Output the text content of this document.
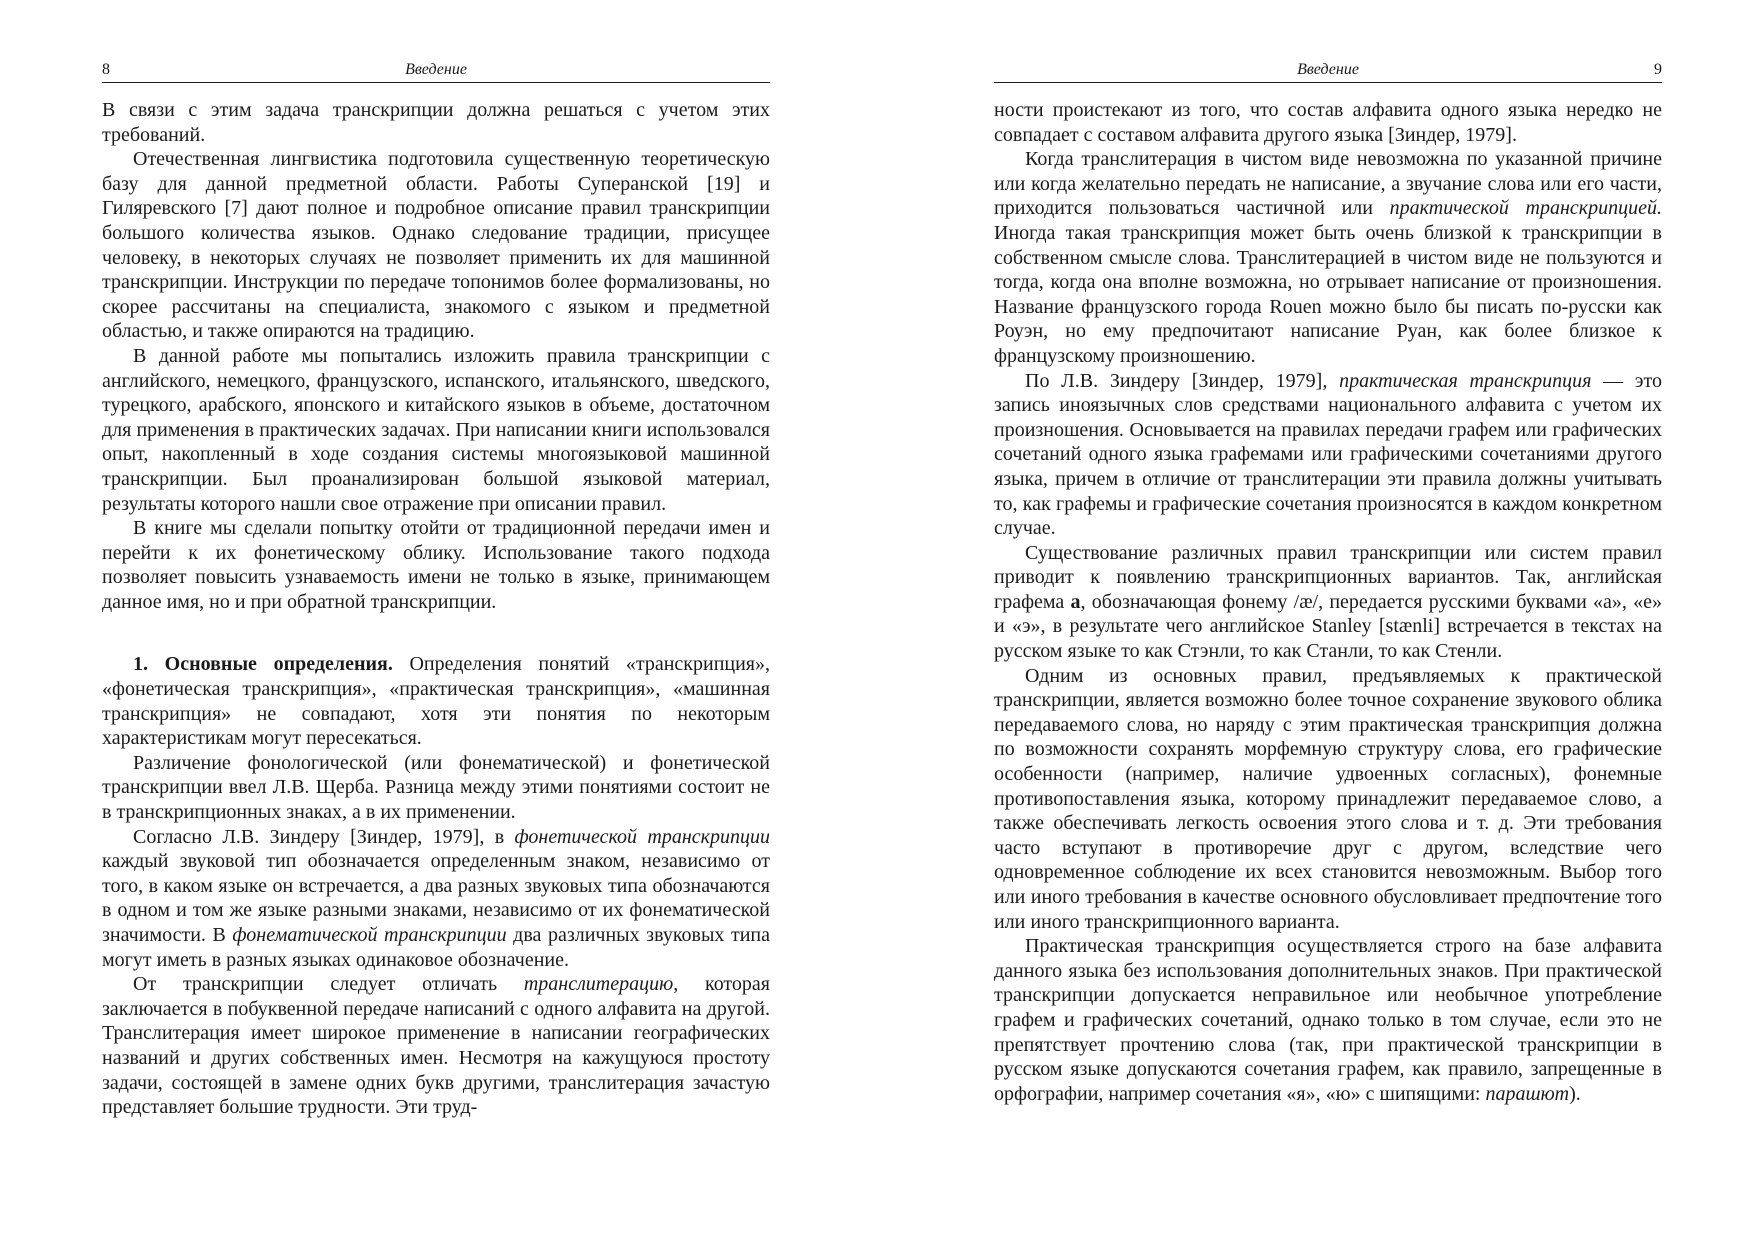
8	Введение

В связи с этим задача транскрипции должна решаться с учетом этих требований.

Отечественная лингвистика подготовила существенную теоретическую базу для данной предметной области. Работы Суперанской [19] и Гиляревского [7] дают полное и подробное описание правил транскрипции большого количества языков. Однако следование традиции, присущее человеку, в некоторых случаях не позволяет применить их для машинной транскрипции. Инструкции по передаче топонимов более формализованы, но скорее рассчитаны на специалиста, знакомого с языком и предметной областью, и также опираются на традицию.

В данной работе мы попытались изложить правила транскрипции с английского, немецкого, французского, испанского, итальянского, шведского, турецкого, арабского, японского и китайского языков в объеме, достаточном для применения в практических задачах. При написании книги использовался опыт, накопленный в ходе создания системы многоязыковой машинной транскрипции. Был проанализирован большой языковой материал, результаты которого нашли свое отражение при описании правил.

В книге мы сделали попытку отойти от традиционной передачи имен и перейти к их фонетическому облику. Использование такого подхода позволяет повысить узнаваемость имени не только в языке, принимающем данное имя, но и при обратной транскрипции.

1. Основные определения. Определения понятий «транскрипция», «фонетическая транскрипция», «практическая транскрипция», «машинная транскрипция» не совпадают, хотя эти понятия по некоторым характеристикам могут пересекаться.

Различение фонологической (или фонематической) и фонетической транскрипции ввел Л.В. Щерба. Разница между этими понятиями состоит не в транскрипционных знаках, а в их применении.

Согласно Л.В. Зиндеру [Зиндер, 1979], в фонетической транскрипции каждый звуковой тип обозначается определенным знаком, независимо от того, в каком языке он встречается, а два разных звуковых типа обозначаются в одном и том же языке разными знаками, независимо от их фонематической значимости. В фонематической транскрипции два различных звуковых типа могут иметь в разных языках одинаковое обозначение.

От транскрипции следует отличать транслитерацию, которая заключается в побуквенной передаче написаний с одного алфавита на другой. Транслитерация имеет широкое применение в написании географических названий и других собственных имен. Несмотря на кажущуюся простоту задачи, состоящей в замене одних букв другими, транслитерация зачастую представляет большие трудности. Эти труд-

Введение	9

ности проистекают из того, что состав алфавита одного языка нередко не совпадает с составом алфавита другого языка [Зиндер, 1979].

Когда транслитерация в чистом виде невозможна по указанной причине или когда желательно передать не написание, а звучание слова или его части, приходится пользоваться частичной или практической транскрипцией. Иногда такая транскрипция может быть очень близкой к транскрипции в собственном смысле слова. Транслитерацией в чистом виде не пользуются и тогда, когда она вполне возможна, но отрывает написание от произношения. Название французского города Rouen можно было бы писать по-русски как Роуэн, но ему предпочитают написание Руан, как более близкое к французскому произношению.

По Л.В. Зиндеру [Зиндер, 1979], практическая транскрипция — это запись иноязычных слов средствами национального алфавита с учетом их произношения. Основывается на правилах передачи графем или графических сочетаний одного языка графемами или графическими сочетаниями другого языка, причем в отличие от транслитерации эти правила должны учитывать то, как графемы и графические сочетания произносятся в каждом конкретном случае.

Существование различных правил транскрипции или систем правил приводит к появлению транскрипционных вариантов. Так, английская графема a, обозначающая фонему /æ/, передается русскими буквами «а», «е» и «э», в результате чего английское Stanley [stænli] встречается в текстах на русском языке то как Стэнли, то как Станли, то как Стенли.

Одним из основных правил, предъявляемых к практической транскрипции, является возможно более точное сохранение звукового облика передаваемого слова, но наряду с этим практическая транскрипция должна по возможности сохранять морфемную структуру слова, его графические особенности (например, наличие удвоенных согласных), фонемные противопоставления языка, которому принадлежит передаваемое слово, а также обеспечивать легкость освоения этого слова и т. д. Эти требования часто вступают в противоречие друг с другом, вследствие чего одновременное соблюдение их всех становится невозможным. Выбор того или иного требования в качестве основного обусловливает предпочтение того или иного транскрипционного варианта.

Практическая транскрипция осуществляется строго на базе алфавита данного языка без использования дополнительных знаков. При практической транскрипции допускается неправильное или необычное употребление графем и графических сочетаний, однако только в том случае, если это не препятствует прочтению слова (так, при практической транскрипции в русском языке допускаются сочетания графем, как правило, запрещенные в орфографии, например сочетания «я», «ю» с шипящими: парашют).
